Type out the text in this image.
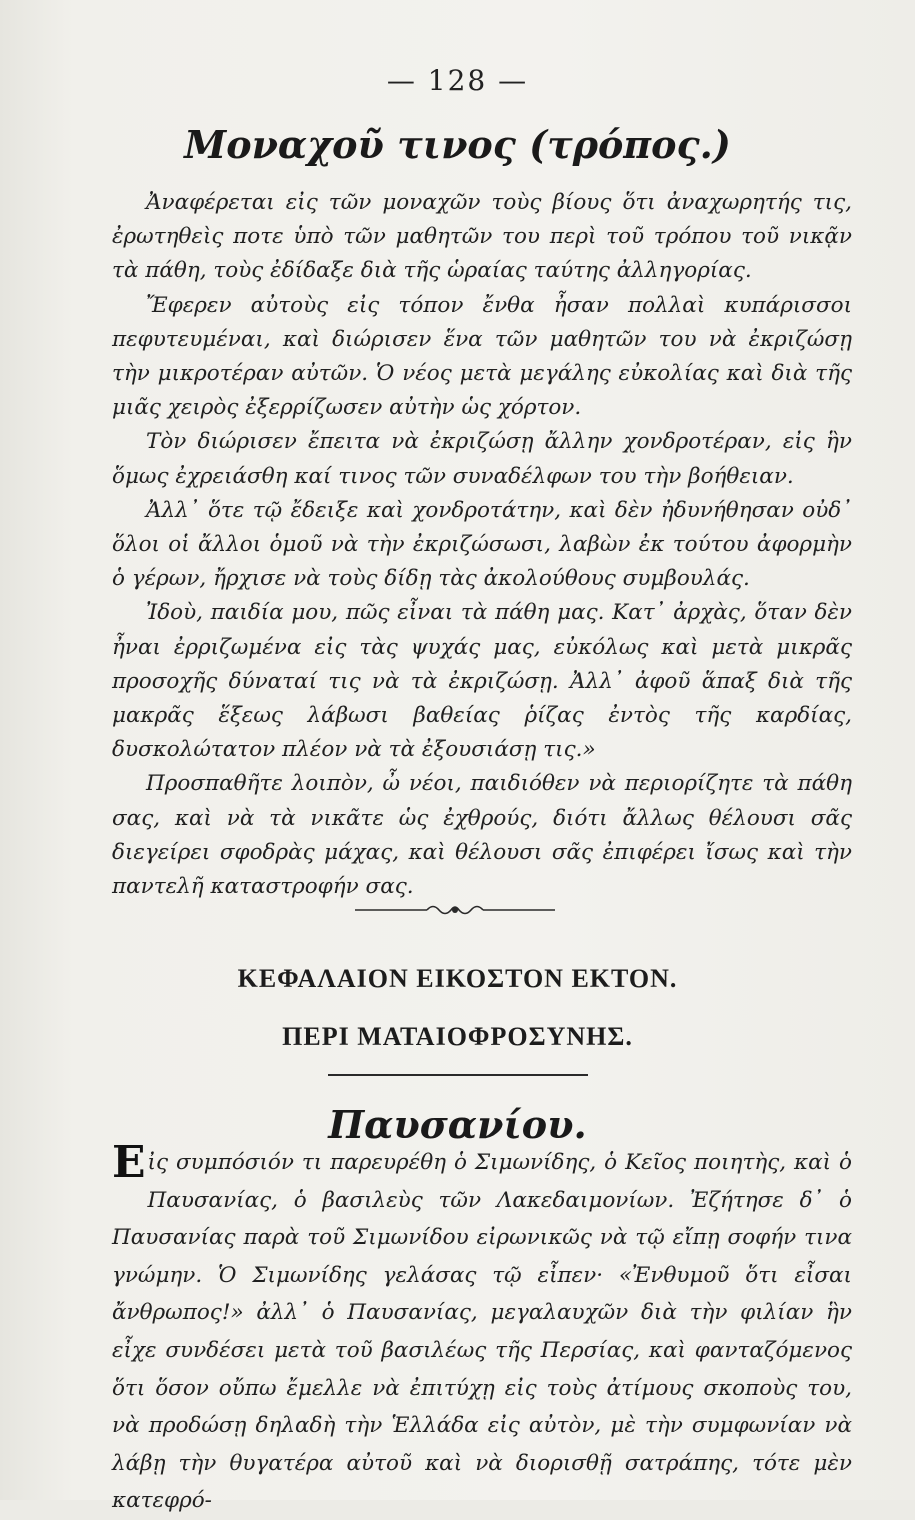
— 128 —
Μοναχοῦ τινος (τρόπος.)
Ἀναφέρεται εἰς τῶν μοναχῶν τοὺς βίους ὅτι ἀναχωρητής τις, ἐρωτηθεὶς ποτε ὑπὸ τῶν μαθητῶν του περὶ τοῦ τρόπου τοῦ νικᾷν τὰ πάθη, τοὺς ἐδίδαξε διὰ τῆς ὡραίας ταύτης ἀλληγορίας.
Ἔφερεν αὐτοὺς εἰς τόπον ἔνθα ἦσαν πολλαὶ κυπάρισσοι πεφυτευμέναι, καὶ διώρισεν ἕνα τῶν μαθητῶν του νὰ ἐκριζώσῃ τὴν μικροτέραν αὐτῶν. Ὁ νέος μετὰ μεγάλης εὐκολίας καὶ διὰ τῆς μιᾶς χειρὸς ἐξερρίζωσεν αὐτὴν ὡς χόρτον.
Τὸν διώρισεν ἔπειτα νὰ ἐκριζώσῃ ἄλλην χονδροτέραν, εἰς ἣν ὅμως ἐχρειάσθη καί τινος τῶν συναδέλφων του τὴν βοήθειαν.
Ἀλλ᾽ ὅτε τῷ ἔδειξε καὶ χονδροτάτην, καὶ δὲν ἠδυνήθησαν οὐδ᾽ ὅλοι οἱ ἄλλοι ὁμοῦ νὰ τὴν ἐκριζώσωσι, λαβὼν ἐκ τούτου ἀφορμὴν ὁ γέρων, ἤρχισε νὰ τοὺς δίδῃ τὰς ἀκολούθους συμβουλάς.
Ἰδοὺ, παιδία μου, πῶς εἶναι τὰ πάθη μας. Κατ᾽ ἀρχὰς, ὅταν δὲν ἦναι ἐρριζωμένα εἰς τὰς ψυχάς μας, εὐκόλως καὶ μετὰ μικρᾶς προσοχῆς δύναταί τις νὰ τὰ ἐκριζώσῃ. Ἀλλ᾽ ἀφοῦ ἅπαξ διὰ τῆς μακρᾶς ἕξεως λάβωσι βαθείας ῥίζας ἐντὸς τῆς καρδίας, δυσκολώτατον πλέον νὰ τὰ ἐξουσιάσῃ τις.»
Προσπαθῆτε λοιπὸν, ὦ νέοι, παιδιόθεν νὰ περιορίζητε τὰ πάθη σας, καὶ νὰ τὰ νικᾶτε ὡς ἐχθρούς, διότι ἄλλως θέλουσι σᾶς διεγείρει σφοδρὰς μάχας, καὶ θέλουσι σᾶς ἐπιφέρει ἴσως καὶ τὴν παντελῆ καταστροφήν σας.
ΚΕΦΑΛΑΙΟΝ ΕΙΚΟΣΤΟΝ ΕΚΤΟΝ.
ΠΕΡΙ ΜΑΤΑΙΟΦΡΟΣΥΝΗΣ.
Παυσανίου.
Εἰς συμπόσιόν τι παρευρέθη ὁ Σιμωνίδης, ὁ Κεῖος ποιητὴς, καὶ ὁ Παυσανίας, ὁ βασιλεὺς τῶν Λακεδαιμονίων. Ἐζήτησε δ᾽ ὁ Παυσανίας παρὰ τοῦ Σιμωνίδου εἰρωνικῶς νὰ τῷ εἴπῃ σοφήν τινα γνώμην. Ὁ Σιμωνίδης γελάσας τῷ εἶπεν· «Ἐνθυμοῦ ὅτι εἶσαι ἄνθρωπος!» ἀλλ᾽ ὁ Παυσανίας, μεγαλαυχῶν διὰ τὴν φιλίαν ἣν εἶχε συνδέσει μετὰ τοῦ βασιλέως τῆς Περσίας, καὶ φανταζόμενος ὅτι ὅσον οὔπω ἔμελλε νὰ ἐπιτύχῃ εἰς τοὺς ἀτίμους σκοποὺς του, νὰ προδώσῃ δηλαδὴ τὴν Ἑλλάδα εἰς αὐτὸν, μὲ τὴν συμφωνίαν νὰ λάβῃ τὴν θυγατέρα αὐτοῦ καὶ νὰ διορισθῇ σατράπης, τότε μὲν κατεφρό-
